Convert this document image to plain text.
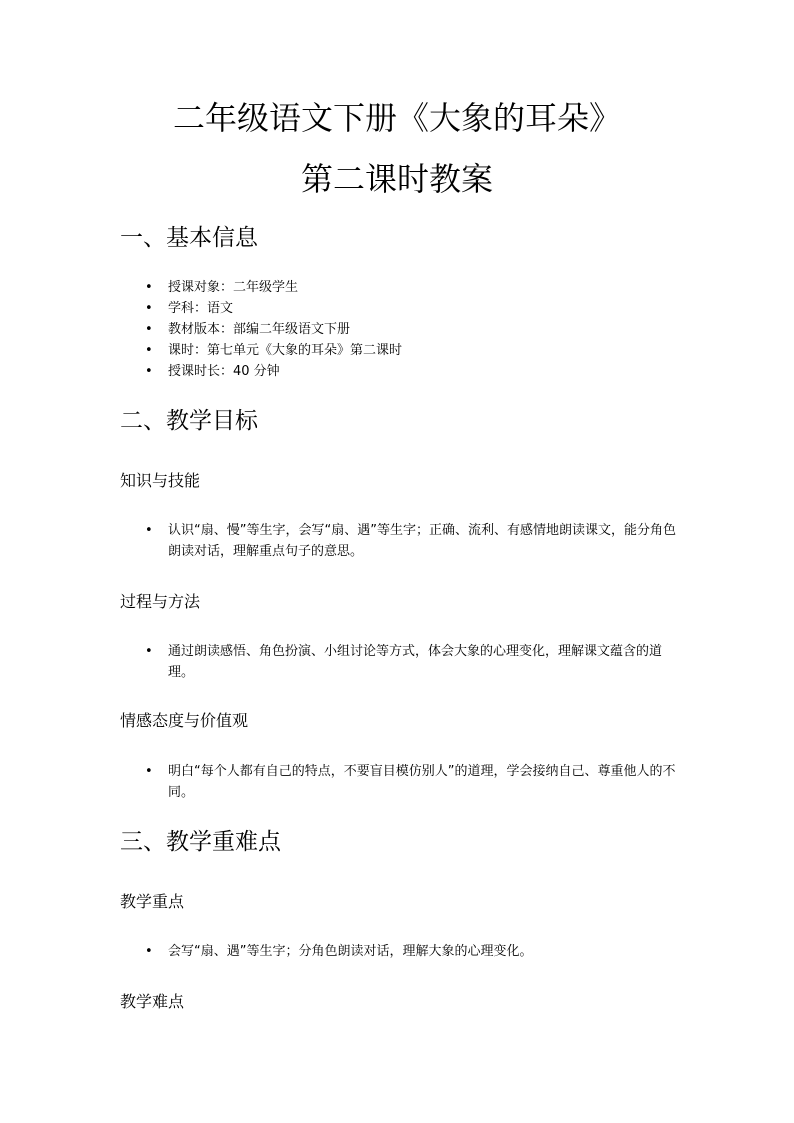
二年级语文下册《大象的耳朵》
第二课时教案
一、基本信息
• 授课对象：二年级学生
• 学科：语文
• 教材版本：部编二年级语文下册
• 课时：第七单元《大象的耳朵》第二课时
• 授课时长：40 分钟
二、教学目标
知识与技能
• 认识“扇、慢”等生字，会写“扇、遇”等生字；正确、流利、有感情地朗读课文，能分角色朗读对话，理解重点句子的意思。
过程与方法
• 通过朗读感悟、角色扮演、小组讨论等方式，体会大象的心理变化，理解课文蕴含的道理。
情感态度与价值观
• 明白“每个人都有自己的特点，不要盲目模仿别人”的道理，学会接纳自己、尊重他人的不同。
三、教学重难点
教学重点
• 会写“扇、遇”等生字；分角色朗读对话，理解大象的心理变化。
教学难点
